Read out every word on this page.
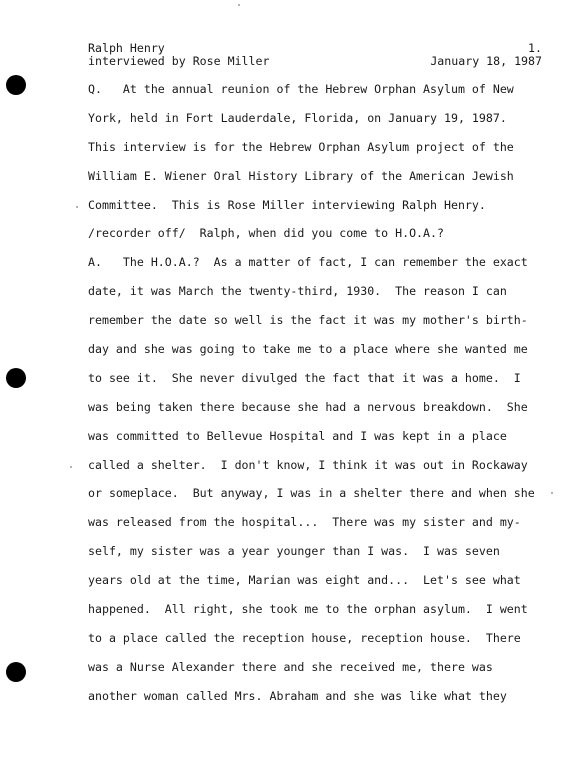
Ralph Henry	1.
interviewed by Rose Miller	January 18, 1987
Q.   At the annual reunion of the Hebrew Orphan Asylum of New
York, held in Fort Lauderdale, Florida, on January 19, 1987.
This interview is for the Hebrew Orphan Asylum project of the
William E. Wiener Oral History Library of the American Jewish
Committee.  This is Rose Miller interviewing Ralph Henry.
/recorder off/  Ralph, when did you come to H.O.A.?
A.   The H.O.A.?  As a matter of fact, I can remember the exact
date, it was March the twenty-third, 1930.  The reason I can
remember the date so well is the fact it was my mother's birth-
day and she was going to take me to a place where she wanted me
to see it.  She never divulged the fact that it was a home.  I
was being taken there because she had a nervous breakdown.  She
was committed to Bellevue Hospital and I was kept in a place
called a shelter.  I don't know, I think it was out in Rockaway
or someplace.  But anyway, I was in a shelter there and when she
was released from the hospital...  There was my sister and my-
self, my sister was a year younger than I was.  I was seven
years old at the time, Marian was eight and...  Let's see what
happened.  All right, she took me to the orphan asylum.  I went
to a place called the reception house, reception house.  There
was a Nurse Alexander there and she received me, there was
another woman called Mrs. Abraham and she was like what they
